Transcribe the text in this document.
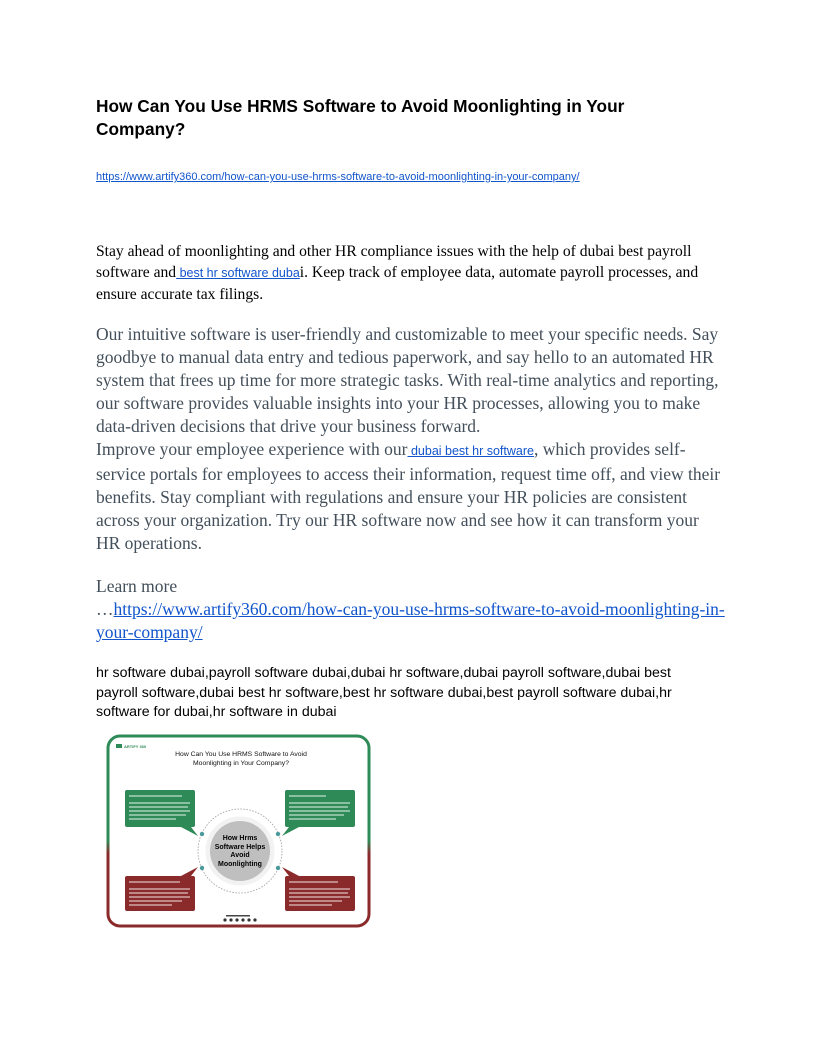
How Can You Use HRMS Software to Avoid Moonlighting in Your Company?
https://www.artify360.com/how-can-you-use-hrms-software-to-avoid-moonlighting-in-your-company/

Stay ahead of moonlighting and other HR compliance issues with the help of dubai best payroll software and best hr software dubai. Keep track of employee data, automate payroll processes, and ensure accurate tax filings.

Our intuitive software is user-friendly and customizable to meet your specific needs. Say goodbye to manual data entry and tedious paperwork, and say hello to an automated HR system that frees up time for more strategic tasks. With real-time analytics and reporting, our software provides valuable insights into your HR processes, allowing you to make data-driven decisions that drive your business forward.
Improve your employee experience with our dubai best hr software, which provides self-service portals for employees to access their information, request time off, and view their benefits. Stay compliant with regulations and ensure your HR policies are consistent across your organization. Try our HR software now and see how it can transform your HR operations.
Learn more
…https://www.artify360.com/how-can-you-use-hrms-software-to-avoid-moonlighting-in-your-company/

hr software dubai,payroll software dubai,dubai hr software,dubai payroll software,dubai best payroll software,dubai best hr software,best hr software dubai,best payroll software dubai,hr software for dubai,hr software in dubai

ARTIFY 360
How Can You Use HRMS Software to Avoid Moonlighting in Your Company?
How Hrms Software Helps Avoid Moonlighting
